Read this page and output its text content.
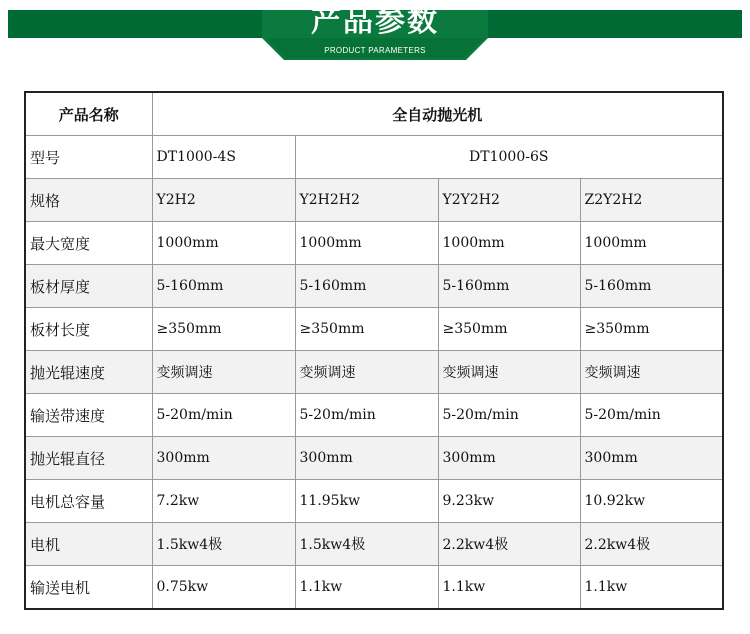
产品参数
PRODUCT PARAMETERS
产品名称	全自动抛光机			
型号	DT1000-4S	DT1000-6S		
规格	Y2H2	Y2H2H2	Y2Y2H2	Z2Y2H2
最大宽度	1000mm	1000mm	1000mm	1000mm
板材厚度	5-160mm	5-160mm	5-160mm	5-160mm
板材长度	≥350mm	≥350mm	≥350mm	≥350mm
抛光辊速度	变频调速	变频调速	变频调速	变频调速
输送带速度	5-20m/min	5-20m/min	5-20m/min	5-20m/min
抛光辊直径	300mm	300mm	300mm	300mm
电机总容量	7.2kw	11.95kw	9.23kw	10.92kw
电机	1.5kw4极	1.5kw4极	2.2kw4极	2.2kw4极
输送电机	0.75kw	1.1kw	1.1kw	1.1kw
